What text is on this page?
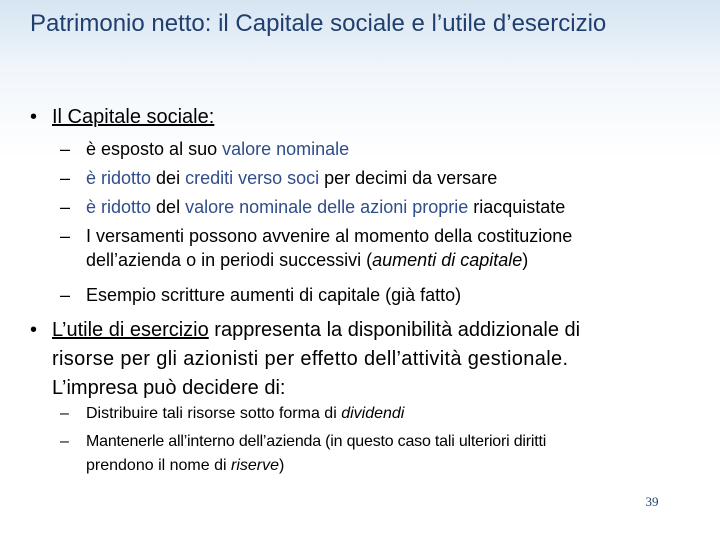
Patrimonio netto: il Capitale sociale e l’utile d’esercizio
• Il Capitale sociale:
– è esposto al suo valore nominale
– è ridotto dei crediti verso soci per decimi da versare
– è ridotto del valore nominale delle azioni proprie riacquistate
– I versamenti possono avvenire al momento della costituzione
dell’azienda o in periodi successivi (aumenti di capitale)
– Esempio scritture aumenti di capitale (già fatto)
• L’utile di esercizio rappresenta la disponibilità addizionale di
risorse per gli azionisti per effetto dell’attività gestionale.
L’impresa può decidere di:
– Distribuire tali risorse sotto forma di dividendi
– Mantenerle all’interno dell’azienda (in questo caso tali ulteriori diritti
prendono il nome di riserve)
39
